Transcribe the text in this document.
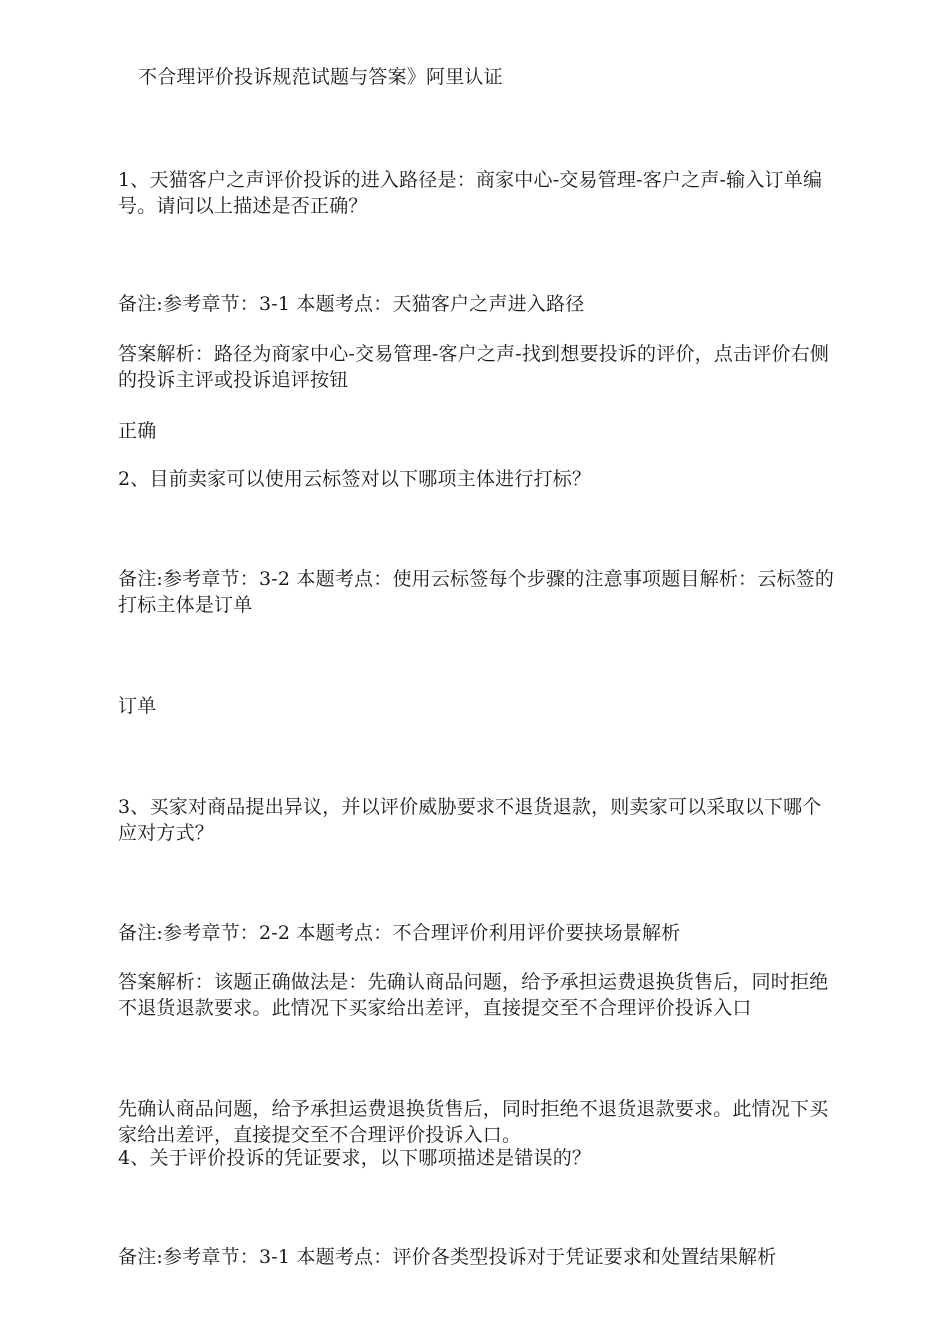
不合理评价投诉规范试题与答案》阿里认证
1、天猫客户之声评价投诉的进入路径是：商家中心-交易管理-客户之声-输入订单编号。请问以上描述是否正确？
备注:参考章节：3-1 本题考点：天猫客户之声进入路径
答案解析：路径为商家中心-交易管理-客户之声-找到想要投诉的评价，点击评价右侧的投诉主评或投诉追评按钮
正确
2、目前卖家可以使用云标签对以下哪项主体进行打标？
备注:参考章节：3-2 本题考点：使用云标签每个步骤的注意事项题目解析：云标签的打标主体是订单
订单
3、买家对商品提出异议，并以评价威胁要求不退货退款，则卖家可以采取以下哪个应对方式？
备注:参考章节：2-2 本题考点：不合理评价利用评价要挟场景解析
答案解析：该题正确做法是：先确认商品问题，给予承担运费退换货售后，同时拒绝不退货退款要求。此情况下买家给出差评，直接提交至不合理评价投诉入口
先确认商品问题，给予承担运费退换货售后，同时拒绝不退货退款要求。此情况下买家给出差评，直接提交至不合理评价投诉入口。
4、关于评价投诉的凭证要求，以下哪项描述是错误的？
备注:参考章节：3-1 本题考点：评价各类型投诉对于凭证要求和处置结果解析
